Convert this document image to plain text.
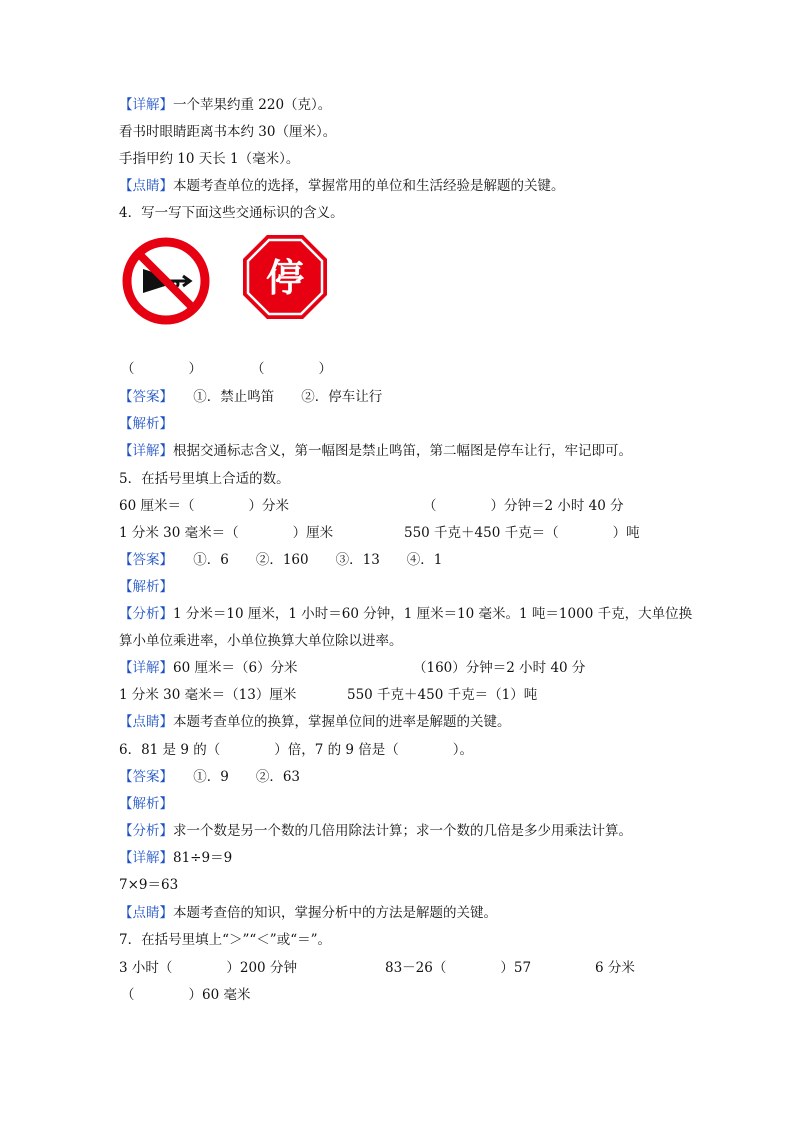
【详解】一个苹果约重 220（克）。
看书时眼睛距离书本约 30（厘米）。
手指甲约 10 天长 1（毫米）。
【点睛】本题考查单位的选择，掌握常用的单位和生活经验是解题的关键。
4．写一写下面这些交通标识的含义。
停
（　　　　）	（　　　　）
【答案】　　①．禁止鸣笛　　②．停车让行
【解析】
【详解】根据交通标志含义，第一幅图是禁止鸣笛，第二幅图是停车让行，牢记即可。
5．在括号里填上合适的数。
60 厘米＝（　　　　）分米	（　　　　）分钟＝2 小时 40 分
1 分米 30 毫米＝（　　　　）厘米	550 千克＋450 千克＝（　　　　）吨
【答案】　　①．6　　②．160　　③．13　　④．1
【解析】
【分析】1 分米＝10 厘米，1 小时＝60 分钟，1 厘米＝10 毫米。1 吨＝1000 千克，大单位换
算小单位乘进率，小单位换算大单位除以进率。
【详解】60 厘米＝（6）分米	（160）分钟＝2 小时 40 分
1 分米 30 毫米＝（13）厘米	550 千克＋450 千克＝（1）吨
【点睛】本题考查单位的换算，掌握单位间的进率是解题的关键。
6．81 是 9 的（　　　　）倍，7 的 9 倍是（　　　　）。
【答案】　　①．9　　②．63
【解析】
【分析】求一个数是另一个数的几倍用除法计算；求一个数的几倍是多少用乘法计算。
【详解】81÷9＝9
7×9＝63
【点睛】本题考查倍的知识，掌握分析中的方法是解题的关键。
7．在括号里填上“＞”“＜”或“＝”。
3 小时（　　　　）200 分钟	83－26（　　　　）57	6 分米
（　　　　）60 毫米
